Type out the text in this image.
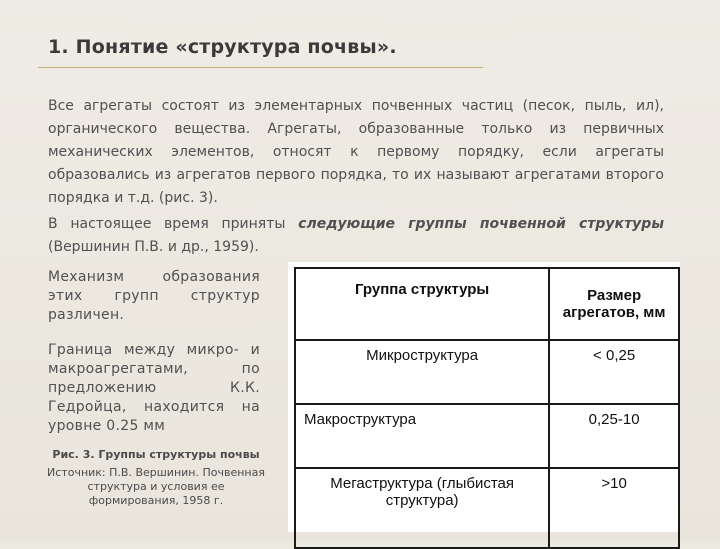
1. Понятие «структура почвы».
Все агрегаты состоят из элементарных почвенных частиц (песок, пыль, ил), органического вещества. Агрегаты, образованные только из первичных механических элементов, относят к первому порядку, если агрегаты образовались из агрегатов первого порядка, то их называют агрегатами второго порядка и т.д. (рис. 3).
В настоящее время приняты следующие группы почвенной структуры (Вершинин П.В. и др., 1959).
Механизм образования этих групп структур различен.
Граница между микро- и макроагрегатами, по предложению К.К. Гедройца, находится на уровне 0.25 мм
Рис. 3. Группы структуры почвы
Источник: П.В. Вершинин. Почвенная структура и условия ее формирования, 1958 г.
Группа структуры	Размер агрегатов, мм
Микроструктура	< 0,25
Макроструктура	0,25-10
Мегаструктура (глыбистая структура)	>10
